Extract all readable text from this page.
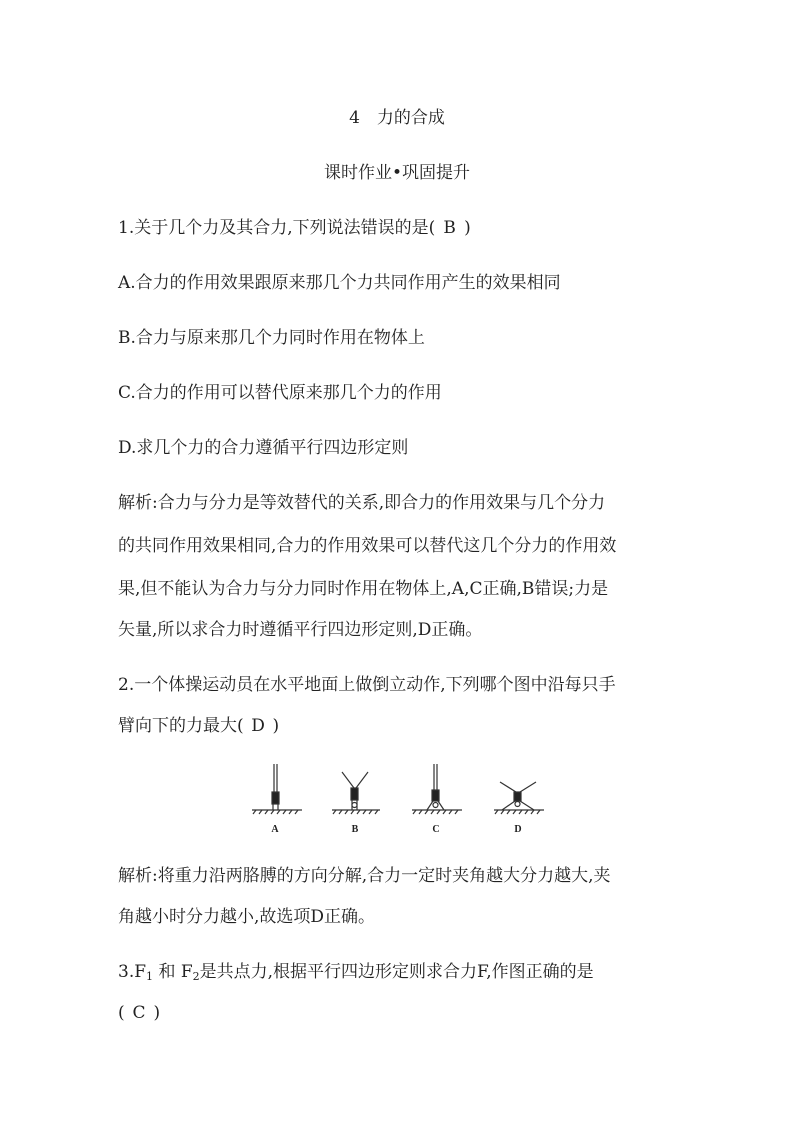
4　力的合成
课时作业•巩固提升
1.关于几个力及其合力,下列说法错误的是( B )
A.合力的作用效果跟原来那几个力共同作用产生的效果相同
B.合力与原来那几个力同时作用在物体上
C.合力的作用可以替代原来那几个力的作用
D.求几个力的合力遵循平行四边形定则
解析:合力与分力是等效替代的关系,即合力的作用效果与几个分力
的共同作用效果相同,合力的作用效果可以替代这几个分力的作用效
果,但不能认为合力与分力同时作用在物体上,A,C正确,B错误;力是
矢量,所以求合力时遵循平行四边形定则,D正确。
2.一个体操运动员在水平地面上做倒立动作,下列哪个图中沿每只手
臂向下的力最大( D )
A	B	C	D
解析:将重力沿两胳膊的方向分解,合力一定时夹角越大分力越大,夹
角越小时分力越小,故选项D正确。
$3.F_1$ 和 $F_2$是共点力,根据平行四边形定则求合力F,作图正确的是
( C )
